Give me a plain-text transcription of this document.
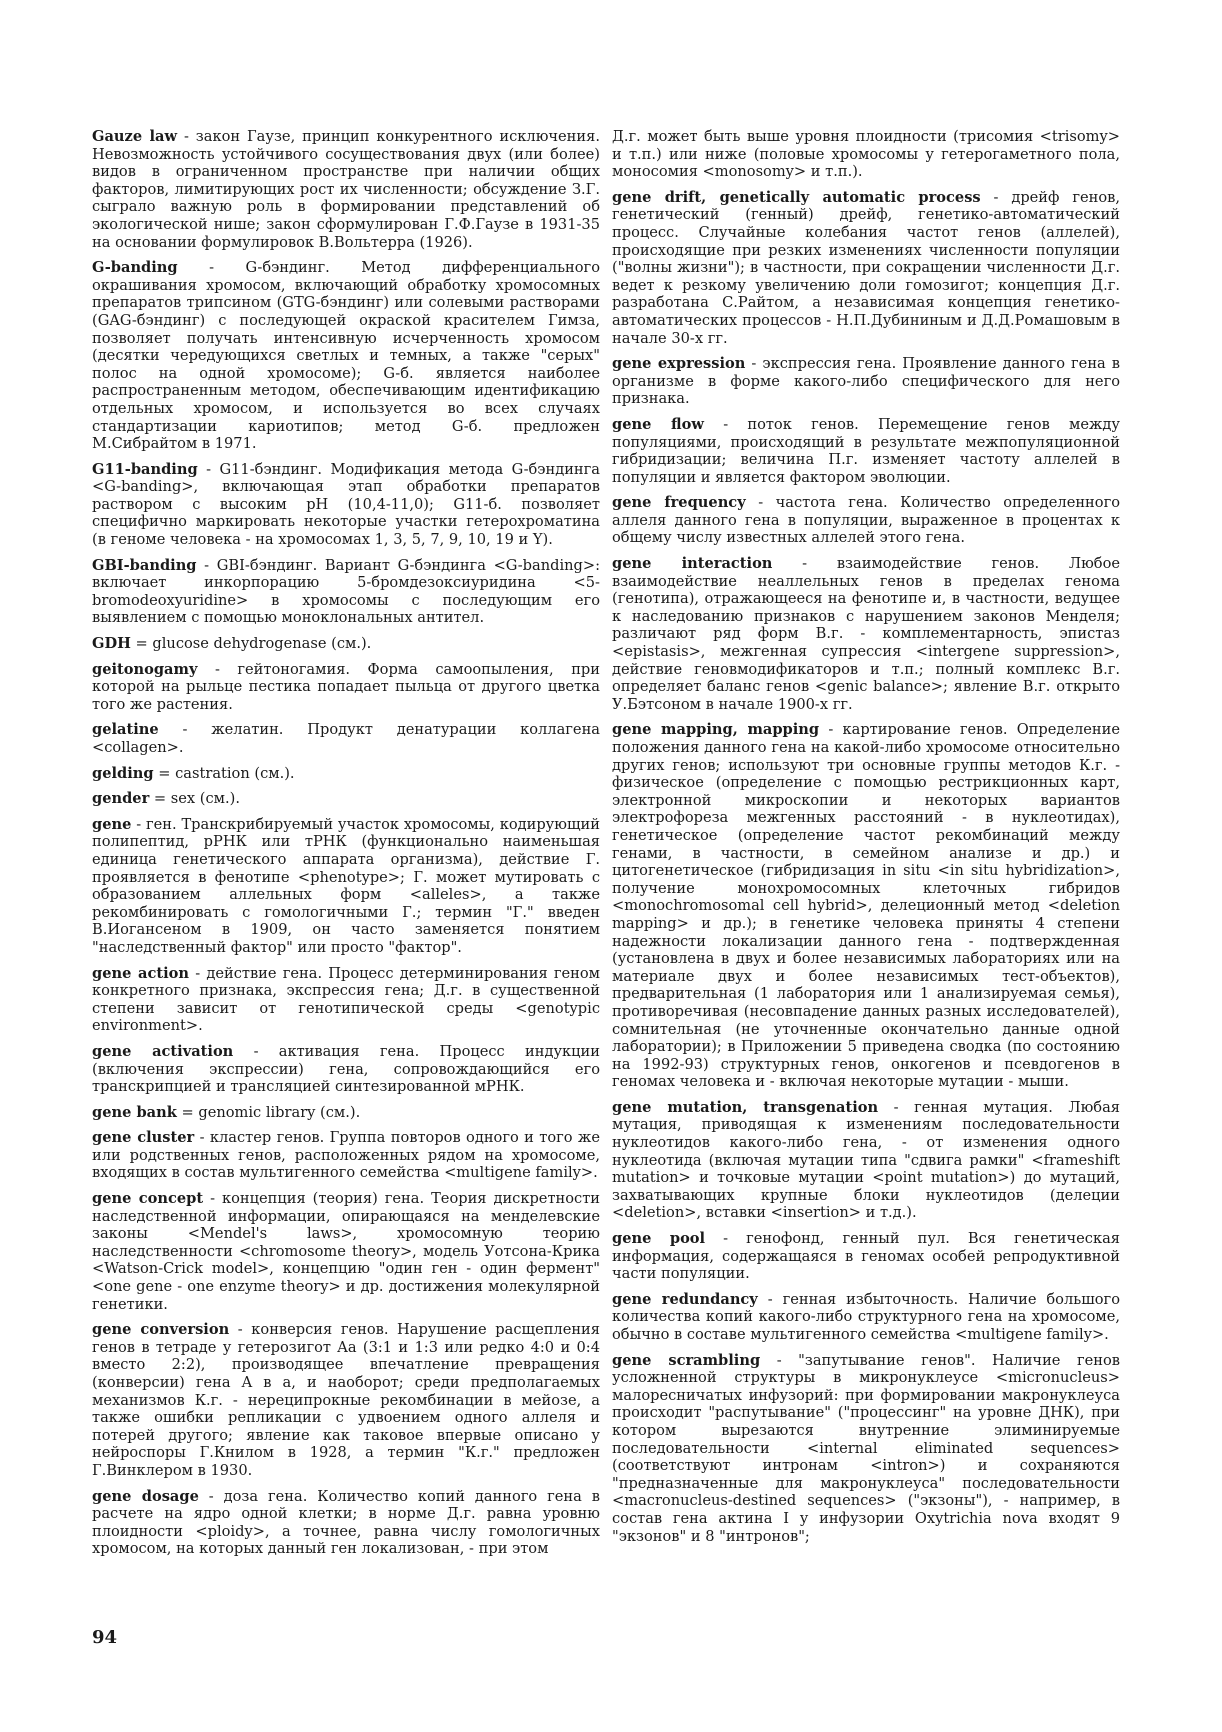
Gauze law - закон Гаузе, принцип конкурентного исключения. Невозможность устойчивого сосуществования двух (или более) видов в ограниченном пространстве при наличии общих факторов, лимитирующих рост их численности; обсуждение З.Г. сыграло важную роль в формировании представлений об экологической нише; закон сформулирован Г.Ф.Гаузе в 1931-35 на основании формулировок В.Вольтерра (1926).

G-banding - G-бэндинг. Метод дифференциального окрашивания хромосом, включающий обработку хромосомных препаратов трипсином (GTG-бэндинг) или солевыми растворами (GAG-бэндинг) с последующей окраской красителем Гимза, позволяет получать интенсивную исчерченность хромосом (десятки чередующихся светлых и темных, а также "серых" полос на одной хромосоме); G-б. является наиболее распространенным методом, обеспечивающим идентификацию отдельных хромосом, и используется во всех случаях стандартизации кариотипов; метод G-б. предложен М.Сибрайтом в 1971.

G11-banding - G11-бэндинг. Модификация метода G-бэндинга <G-banding>, включающая этап обработки препаратов раствором с высоким pH (10,4-11,0); G11-б. позволяет специфично маркировать некоторые участки гетерохроматина (в геноме человека - на хромосомах 1, 3, 5, 7, 9, 10, 19 и Y).

GBI-banding - GBI-бэндинг. Вариант G-бэндинга <G-banding>: включает инкорпорацию 5-бромдезоксиуридина <5-bromodeoxyuridine> в хромосомы с последующим его выявлением с помощью моноклональных антител.

GDH = glucose dehydrogenase (см.).

geitonogamy - гейтоногамия. Форма самоопыления, при которой на рыльце пестика попадает пыльца от другого цветка того же растения.

gelatine - желатин. Продукт денатурации коллагена <collagen>.

gelding = castration (см.).

gender = sex (см.).

gene - ген. Транскрибируемый участок хромосомы, кодирующий полипептид, рРНК или тРНК (функционально наименьшая единица генетического аппарата организма), действие Г. проявляется в фенотипе <phenotype>; Г. может мутировать с образованием аллельных форм <alleles>, а также рекомбинировать с гомологичными Г.; термин "Г." введен В.Иогансеном в 1909, он часто заменяется понятием "наследственный фактор" или просто "фактор".

gene action - действие гена. Процесс детерминирования геном конкретного признака, экспрессия гена; Д.г. в существенной степени зависит от генотипической среды <genotypic environment>.

gene activation - активация гена. Процесс индукции (включения экспрессии) гена, сопровождающийся его транскрипцией и трансляцией синтезированной мРНК.

gene bank = genomic library (см.).

gene cluster - кластер генов. Группа повторов одного и того же или родственных генов, расположенных рядом на хромосоме, входящих в состав мультигенного семейства <multigene family>.

gene concept - концепция (теория) гена. Теория дискретности наследственной информации, опирающаяся на менделевские законы <Mendel's laws>, хромосомную теорию наследственности <chromosome theory>, модель Уотсона-Крика <Watson-Crick model>, концепцию "один ген - один фермент" <one gene - one enzyme theory> и др. достижения молекулярной генетики.

gene conversion - конверсия генов. Нарушение расщепления генов в тетраде у гетерозигот Aa (3:1 и 1:3 или редко 4:0 и 0:4 вместо 2:2), производящее впечатление превращения (конверсии) гена A в a, и наоборот; среди предполагаемых механизмов К.г. - нереципрокные рекомбинации в мейозе, а также ошибки репликации с удвоением одного аллеля и потерей другого; явление как таковое впервые описано у нейроспоры Г.Книлом в 1928, а термин "К.г." предложен Г.Винклером в 1930.

gene dosage - доза гена. Количество копий данного гена в расчете на ядро одной клетки; в норме Д.г. равна уровню плоидности <ploidy>, а точнее, равна числу гомологичных хромосом, на которых данный ген локализован, - при этом

Д.г. может быть выше уровня плоидности (трисомия <trisomy> и т.п.) или ниже (половые хромосомы у гетерогаметного пола, моносомия <monosomy> и т.п.).

gene drift, genetically automatic process - дрейф генов, генетический (генный) дрейф, генетико-автоматический процесс. Случайные колебания частот генов (аллелей), происходящие при резких изменениях численности популяции ("волны жизни"); в частности, при сокращении численности Д.г. ведет к резкому увеличению доли гомозигот; концепция Д.г. разработана С.Райтом, а независимая концепция генетико-автоматических процессов - Н.П.Дубининым и Д.Д.Ромашовым в начале 30-х гг.

gene expression - экспрессия гена. Проявление данного гена в организме в форме какого-либо специфического для него признака.

gene flow - поток генов. Перемещение генов между популяциями, происходящий в результате межпопуляционной гибридизации; величина П.г. изменяет частоту аллелей в популяции и является фактором эволюции.

gene frequency - частота гена. Количество определенного аллеля данного гена в популяции, выраженное в процентах к общему числу известных аллелей этого гена.

gene interaction - взаимодействие генов. Любое взаимодействие неаллельных генов в пределах генома (генотипа), отражающееся на фенотипе и, в частности, ведущее к наследованию признаков с нарушением законов Менделя; различают ряд форм В.г. - комплементарность, эпистаз <epistasis>, межгенная супрессия <intergene suppression>, действие геновмодификаторов и т.п.; полный комплекс В.г. определяет баланс генов <genic balance>; явление В.г. открыто У.Бэтсоном в начале 1900-х гг.

gene mapping, mapping - картирование генов. Определение положения данного гена на какой-либо хромосоме относительно других генов; используют три основные группы методов К.г. - физическое (определение с помощью рестрикционных карт, электронной микроскопии и некоторых вариантов электрофореза межгенных расстояний - в нуклеотидах), генетическое (определение частот рекомбинаций между генами, в частности, в семейном анализе и др.) и цитогенетическое (гибридизация in situ <in situ hybridization>, получение монохромосомных клеточных гибридов <monochromosomal cell hybrid>, делеционный метод <deletion mapping> и др.); в генетике человека приняты 4 степени надежности локализации данного гена - подтвержденная (установлена в двух и более независимых лабораториях или на материале двух и более независимых тест-объектов), предварительная (1 лаборатория или 1 анализируемая семья), противоречивая (несовпадение данных разных исследователей), сомнительная (не уточненные окончательно данные одной лаборатории); в Приложении 5 приведена сводка (по состоянию на 1992-93) структурных генов, онкогенов и псевдогенов в геномах человека и - включая некоторые мутации - мыши.

gene mutation, transgenation - генная мутация. Любая мутация, приводящая к изменениям последовательности нуклеотидов какого-либо гена, - от изменения одного нуклеотида (включая мутации типа "сдвига рамки" <frameshift mutation> и точковые мутации <point mutation>) до мутаций, захватывающих крупные блоки нуклеотидов (делеции <deletion>, вставки <insertion> и т.д.).

gene pool - генофонд, генный пул. Вся генетическая информация, содержащаяся в геномах особей репродуктивной части популяции.

gene redundancy - генная избыточность. Наличие большого количества копий какого-либо структурного гена на хромосоме, обычно в составе мультигенного семейства <multigene family>.

gene scrambling - "запутывание генов". Наличие генов усложненной структуры в микронуклеусе <micronucleus> малоресничатых инфузорий: при формировании макронуклеуса происходит "распутывание" ("процессинг" на уровне ДНК), при котором вырезаются внутренние элиминируемые последовательности <internal eliminated sequences> (соответствуют интронам <intron>) и сохраняются "предназначенные для макронуклеуса" последовательности <macronucleus-destined sequences> ("экзоны"), - например, в состав гена актина I у инфузории Oxytrichia nova входят 9 "экзонов" и 8 "интронов";

94
